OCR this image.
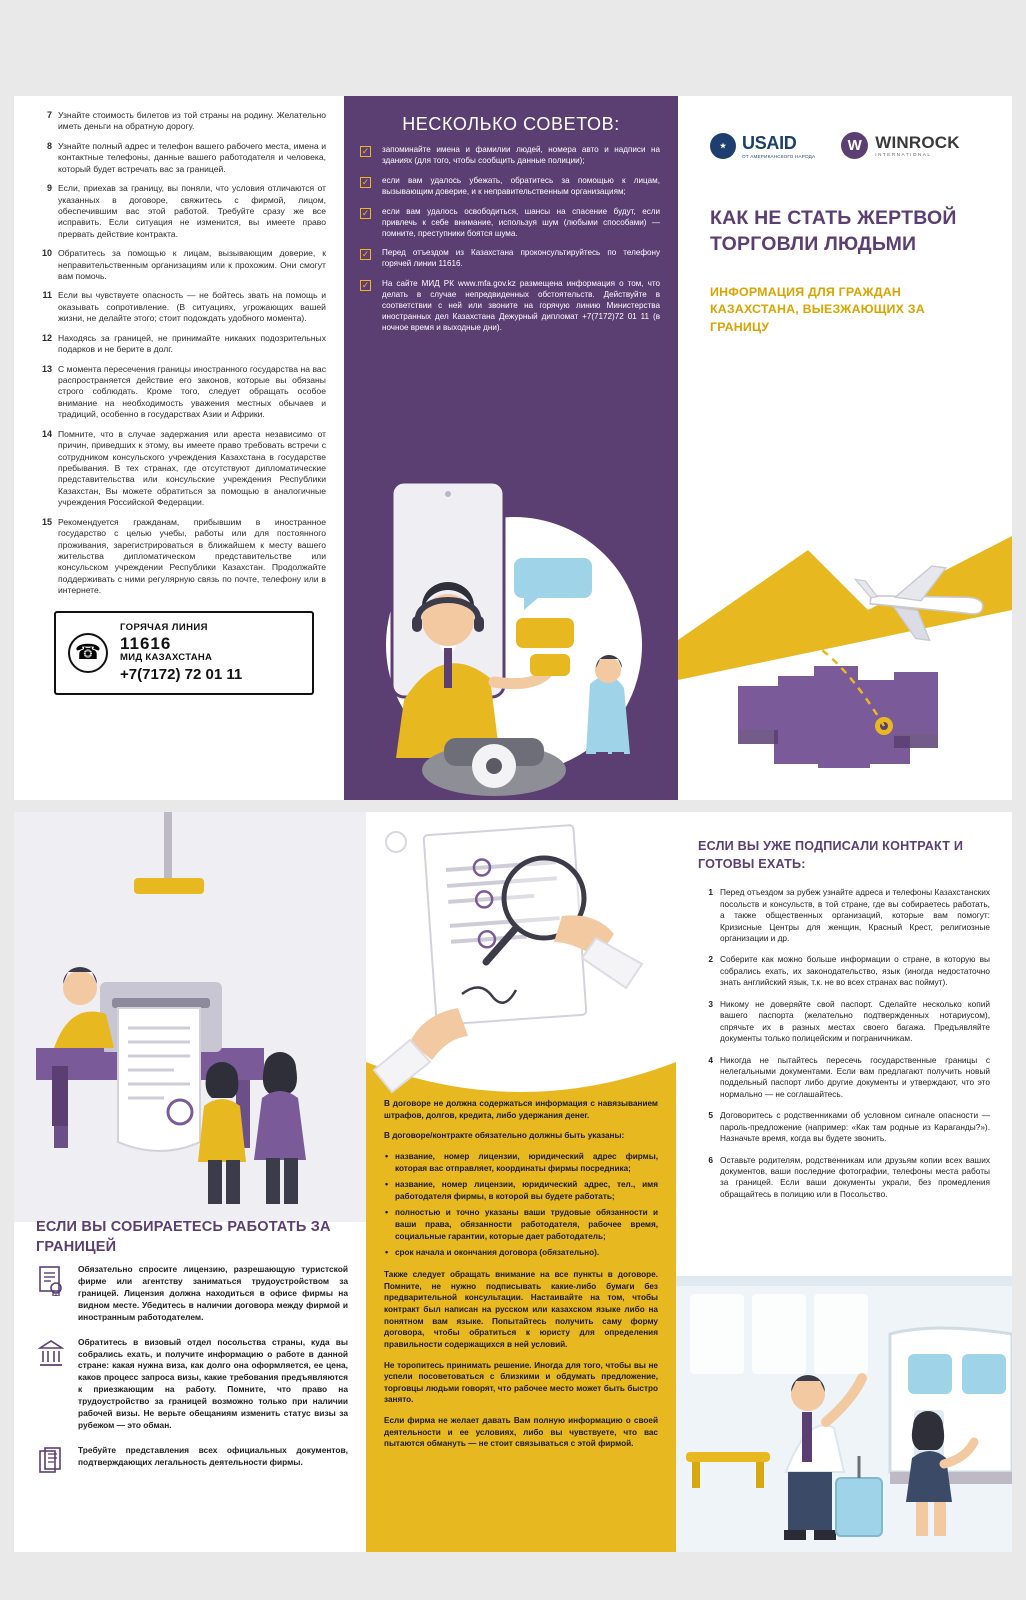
7 Узнайте стоимость билетов из той страны на родину. Желательно иметь деньги на обратную дорогу.
8 Узнайте полный адрес и телефон вашего рабочего места, имена и контактные телефоны, данные вашего работодателя и человека, который будет встречать вас за границей.
9 Если, приехав за границу, вы поняли, что условия отличаются от указанных в договоре, свяжитесь с фирмой, лицом, обеспечившим вас этой работой. Требуйте сразу же все исправить. Если ситуация не изменится, вы имеете право прервать действие контракта.
10 Обратитесь за помощью к лицам, вызывающим доверие, к неправительственным организациям или к прохожим. Они смогут вам помочь.
11 Если вы чувствуете опасность — не бойтесь звать на помощь и оказывать сопротивление. (В ситуациях, угрожающих вашей жизни, не делайте этого; стоит подождать удобного момента).
12 Находясь за границей, не принимайте никаких подозрительных подарков и не берите в долг.
13 С момента пересечения границы иностранного государства на вас распространяется действие его законов, которые вы обязаны строго соблюдать. Кроме того, следует обращать особое внимание на необходимость уважения местных обычаев и традиций, особенно в государствах Азии и Африки.
14 Помните, что в случае задержания или ареста независимо от причин, приведших к этому, вы имеете право требовать встречи с сотрудником консульского учреждения Казахстана в государстве пребывания. В тех странах, где отсутствуют дипломатические представительства или консульские учреждения Республики Казахстан, Вы можете обратиться за помощью в аналогичные учреждения Российской Федерации.
15 Рекомендуется гражданам, прибывшим в иностранное государство с целью учебы, работы или для постоянного проживания, зарегистрироваться в ближайшем к месту вашего жительства дипломатическом представительстве или консульском учреждении Республики Казахстан. Продолжайте поддерживать с ними регулярную связь по почте, телефону или в интернете.
☎
ГОРЯЧАЯ ЛИНИЯ
11616
МИД КАЗАХСТАНА
+7(7172) 72 01 11
НЕСКОЛЬКО СОВЕТОВ:
✓ запоминайте имена и фамилии людей, номера авто и надписи на зданиях (для того, чтобы сообщить данные полиции);
✓ если вам удалось убежать, обратитесь за помощью к лицам, вызывающим доверие, и к неправительственным организациям;
✓ если вам удалось освободиться, шансы на спасение будут, если привлечь к себе внимание, используя шум (любыми способами) — помните, преступники боятся шума.
✓ Перед отъездом из Казахстана проконсультируйтесь по телефону горячей линии 11616.
✓ На сайте МИД РК www.mfa.gov.kz размещена информация о том, что делать в случае непредвиденных обстоятельств. Действуйте в соответствии с ней или звоните на горячую линию Министерства иностранных дел Казахстана Дежурный дипломат +7(7172)72 01 11 (в ночное время и выходные дни).
★ USAID
ОТ АМЕРИКАНСКОГО НАРОДА
W WINROCK
INTERNATIONAL
КАК НЕ СТАТЬ ЖЕРТВОЙ ТОРГОВЛИ ЛЮДЬМИ
ИНФОРМАЦИЯ ДЛЯ ГРАЖДАН КАЗАХСТАНА, ВЫЕЗЖАЮЩИХ ЗА ГРАНИЦУ
ЕСЛИ ВЫ СОБИРАЕТЕСЬ РАБОТАТЬ ЗА ГРАНИЦЕЙ
Обязательно спросите лицензию, разрешающую туристской фирме или агентству заниматься трудоустройством за границей. Лицензия должна находиться в офисе фирмы на видном месте. Убедитесь в наличии договора между фирмой и иностранным работодателем.
Обратитесь в визовый отдел посольства страны, куда вы собрались ехать, и получите информацию о работе в данной стране: какая нужна виза, как долго она оформляется, ее цена, каков процесс запроса визы, какие требования предъявляются к приезжающим на работу. Помните, что право на трудоустройство за границей возможно только при наличии рабочей визы. Не верьте обещаниям изменить статус визы за рубежом — это обман.
Требуйте представления всех официальных документов, подтверждающих легальность деятельности фирмы.
В договоре не должна содержаться информация с навязыванием штрафов, долгов, кредита, либо удержания денег.
В договоре/контракте обязательно должны быть указаны:
• название, номер лицензии, юридический адрес фирмы, которая вас отправляет, координаты фирмы посредника;
• название, номер лицензии, юридический адрес, тел., имя работодателя фирмы, в которой вы будете работать;
• полностью и точно указаны ваши трудовые обязанности и ваши права, обязанности работодателя, рабочее время, социальные гарантии, которые дает работодатель;
• срок начала и окончания договора (обязательно).
Также следует обращать внимание на все пункты в договоре. Помните, не нужно подписывать какие-либо бумаги без предварительной консультации. Настаивайте на том, чтобы контракт был написан на русском или казахском языке либо на понятном вам языке. Попытайтесь получить саму форму договора, чтобы обратиться к юристу для определения правильности содержащихся в ней условий.
Не торопитесь принимать решение. Иногда для того, чтобы вы не успели посоветоваться с близкими и обдумать предложение, торговцы людьми говорят, что рабочее место может быть быстро занято.
Если фирма не желает давать Вам полную информацию о своей деятельности и ее условиях, либо вы чувствуете, что вас пытаются обмануть — не стоит связываться с этой фирмой.
ЕСЛИ ВЫ УЖЕ ПОДПИСАЛИ КОНТРАКТ И ГОТОВЫ ЕХАТЬ:
1 Перед отъездом за рубеж узнайте адреса и телефоны Казахстанских посольств и консульств, в той стране, где вы собираетесь работать, а также общественных организаций, которые вам помогут: Кризисные Центры для женщин, Красный Крест, религиозные организации и др.
2 Соберите как можно больше информации о стране, в которую вы собрались ехать, их законодательство, язык (иногда недостаточно знать английский язык, т.к. не во всех странах вас поймут).
3 Никому не доверяйте свой паспорт. Сделайте несколько копий вашего паспорта (желательно подтвержденных нотариусом), спрячьте их в разных местах своего багажа. Предъявляйте документы только полицейским и пограничникам.
4 Никогда не пытайтесь пересечь государственные границы с нелегальными документами. Если вам предлагают получить новый поддельный паспорт либо другие документы и утверждают, что это нормально — не соглашайтесь.
5 Договоритесь с родственниками об условном сигнале опасности — пароль-предложение (например: «Как там родные из Караганды?»). Назначьте время, когда вы будете звонить.
6 Оставьте родителям, родственникам или друзьям копии всех ваших документов, ваши последние фотографии, телефоны места работы за границей. Если ваши документы украли, без промедления обращайтесь в полицию или в Посольство.
